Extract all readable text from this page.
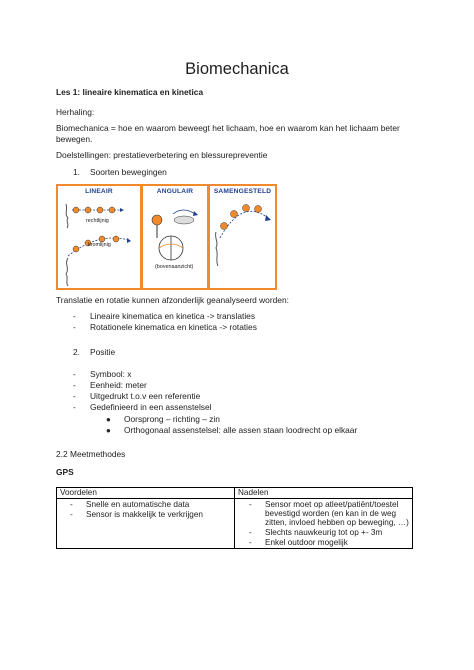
Biomechanica
Les 1: lineaire kinematica en kinetica
Herhaling:
Biomechanica = hoe en waarom beweegt het lichaam, hoe en waarom kan het lichaam beter
bewegen.
Doelstellingen: prestatieverbetering en blessurepreventie
1. Soorten bewegingen
LINEAIR
rechtlijnig
kromlijnig
ANGULAIR
(bovenaanzicht)
SAMENGESTELD
Translatie en rotatie kunnen afzonderlijk geanalyseerd worden:
- Lineaire kinematica en kinetica -> translaties
- Rotationele kinematica en kinetica -> rotaties
2. Positie
- Symbool: x
- Eenheid: meter
- Uitgedrukt t.o.v een referentie
- Gedefinieerd in een assenstelsel
● Oorsprong – richting – zin
● Orthogonaal assenstelsel: alle assen staan loodrecht op elkaar
2.2 Meetmethodes
GPS
Voordelen	Nadelen
- Snelle en automatische data
- Sensor is makkelijk te verkrijgen
- Sensor moet op atleet/patiënt/toestel
bevestigd worden (en kan in de weg
zitten, invloed hebben op beweging, …)
- Slechts nauwkeurig tot op +- 3m
- Enkel outdoor mogelijk
